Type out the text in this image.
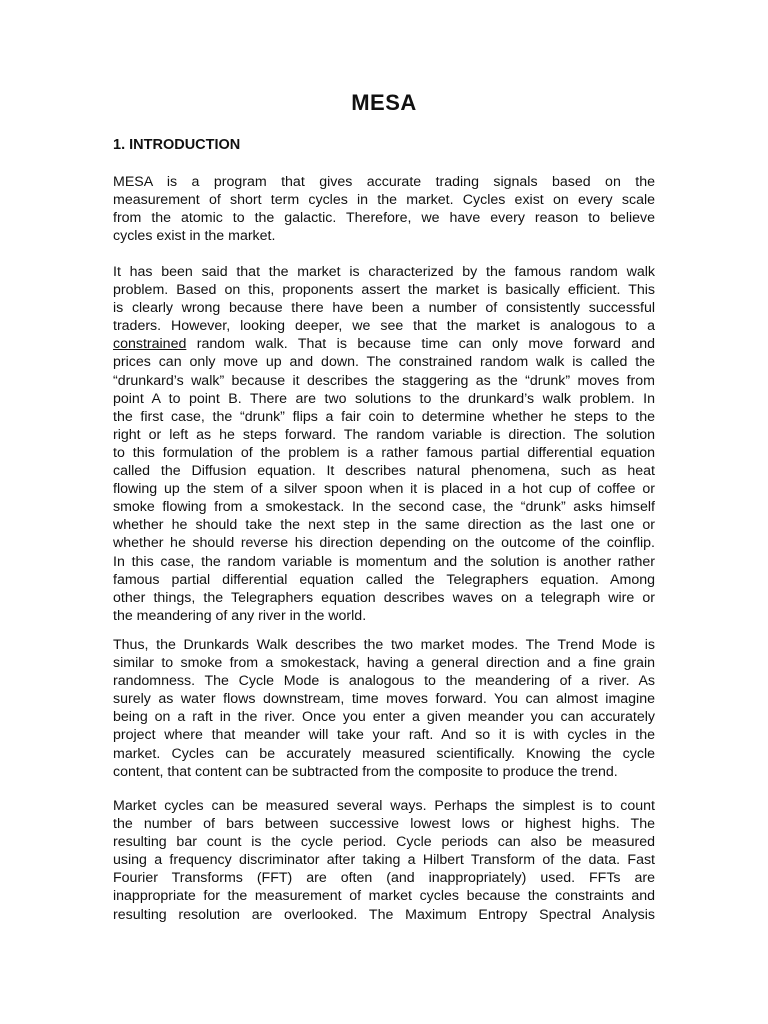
MESA
1. INTRODUCTION
MESA is a program that gives accurate trading signals based on the
measurement of short term cycles in the market. Cycles exist on every scale
from the atomic to the galactic. Therefore, we have every reason to believe
cycles exist in the market.
It has been said that the market is characterized by the famous random walk
problem. Based on this, proponents assert the market is basically efficient. This
is clearly wrong because there have been a number of consistently successful
traders. However, looking deeper, we see that the market is analogous to a
constrained random walk. That is because time can only move forward and
prices can only move up and down. The constrained random walk is called the
“drunkard’s walk” because it describes the staggering as the “drunk” moves from
point A to point B. There are two solutions to the drunkard’s walk problem. In
the first case, the “drunk” flips a fair coin to determine whether he steps to the
right or left as he steps forward. The random variable is direction. The solution
to this formulation of the problem is a rather famous partial differential equation
called the Diffusion equation. It describes natural phenomena, such as heat
flowing up the stem of a silver spoon when it is placed in a hot cup of coffee or
smoke flowing from a smokestack. In the second case, the “drunk” asks himself
whether he should take the next step in the same direction as the last one or
whether he should reverse his direction depending on the outcome of the coinflip.
In this case, the random variable is momentum and the solution is another rather
famous partial differential equation called the Telegraphers equation. Among
other things, the Telegraphers equation describes waves on a telegraph wire or
the meandering of any river in the world.
Thus, the Drunkards Walk describes the two market modes. The Trend Mode is
similar to smoke from a smokestack, having a general direction and a fine grain
randomness. The Cycle Mode is analogous to the meandering of a river. As
surely as water flows downstream, time moves forward. You can almost imagine
being on a raft in the river. Once you enter a given meander you can accurately
project where that meander will take your raft. And so it is with cycles in the
market. Cycles can be accurately measured scientifically. Knowing the cycle
content, that content can be subtracted from the composite to produce the trend.
Market cycles can be measured several ways. Perhaps the simplest is to count
the number of bars between successive lowest lows or highest highs. The
resulting bar count is the cycle period. Cycle periods can also be measured
using a frequency discriminator after taking a Hilbert Transform of the data. Fast
Fourier Transforms (FFT) are often (and inappropriately) used. FFTs are
inappropriate for the measurement of market cycles because the constraints and
resulting resolution are overlooked. The Maximum Entropy Spectral Analysis
